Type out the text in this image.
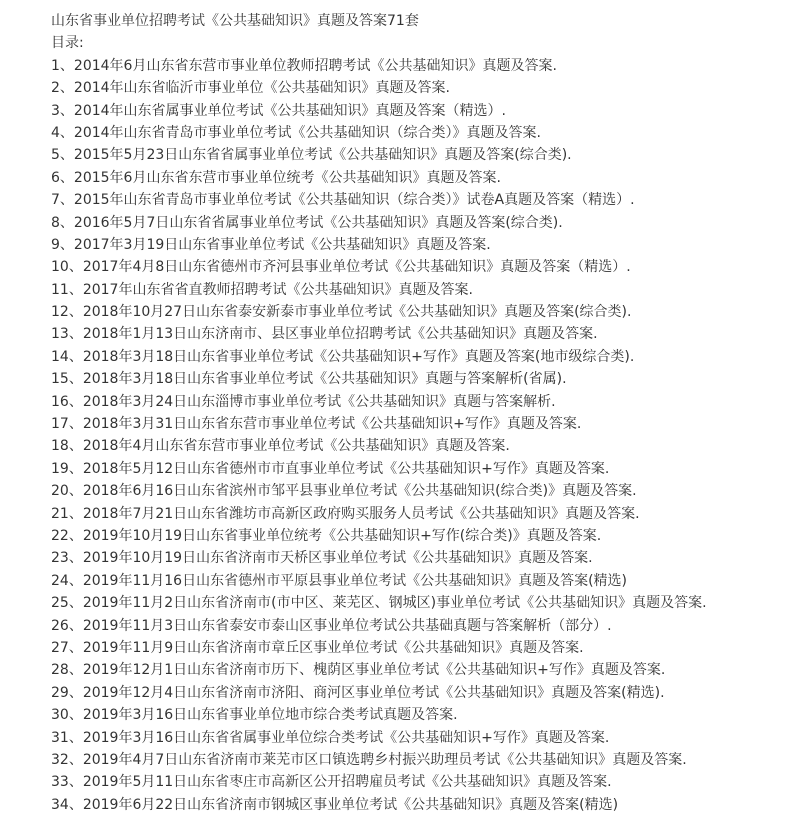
山东省事业单位招聘考试《公共基础知识》真题及答案71套
目录:
1、2014年6月山东省东营市事业单位教师招聘考试《公共基础知识》真题及答案.
2、2014年山东省临沂市事业单位《公共基础知识》真题及答案.
3、2014年山东省属事业单位考试《公共基础知识》真题及答案（精选）.
4、2014年山东省青岛市事业单位考试《公共基础知识（综合类）》真题及答案.
5、2015年5月23日山东省省属事业单位考试《公共基础知识》真题及答案(综合类).
6、2015年6月山东省东营市事业单位统考《公共基础知识》真题及答案.
7、2015年山东省青岛市事业单位考试《公共基础知识（综合类）》试卷A真题及答案（精选）.
8、2016年5月7日山东省省属事业单位考试《公共基础知识》真题及答案(综合类).
9、2017年3月19日山东省事业单位考试《公共基础知识》真题及答案.
10、2017年4月8日山东省德州市齐河县事业单位考试《公共基础知识》真题及答案（精选）.
11、2017年山东省省直教师招聘考试《公共基础知识》真题及答案.
12、2018年10月27日山东省泰安新泰市事业单位考试《公共基础知识》真题及答案(综合类).
13、2018年1月13日山东济南市、县区事业单位招聘考试《公共基础知识》真题及答案.
14、2018年3月18日山东省事业单位考试《公共基础知识+写作》真题及答案(地市级综合类).
15、2018年3月18日山东省事业单位考试《公共基础知识》真题与答案解析(省属).
16、2018年3月24日山东淄博市事业单位考试《公共基础知识》真题与答案解析.
17、2018年3月31日山东省东营市事业单位考试《公共基础知识+写作》真题及答案.
18、2018年4月山东省东营市事业单位考试《公共基础知识》真题及答案.
19、2018年5月12日山东省德州市市直事业单位考试《公共基础知识+写作》真题及答案.
20、2018年6月16日山东省滨州市邹平县事业单位考试《公共基础知识(综合类)》真题及答案.
21、2018年7月21日山东省潍坊市高新区政府购买服务人员考试《公共基础知识》真题及答案.
22、2019年10月19日山东省事业单位统考《公共基础知识+写作(综合类)》真题及答案.
23、2019年10月19日山东省济南市天桥区事业单位考试《公共基础知识》真题及答案.
24、2019年11月16日山东省德州市平原县事业单位考试《公共基础知识》真题及答案(精选)
25、2019年11月2日山东省济南市(市中区、莱芜区、钢城区)事业单位考试《公共基础知识》真题及答案.
26、2019年11月3日山东省泰安市泰山区事业单位考试公共基础真题与答案解析（部分）.
27、2019年11月9日山东省济南市章丘区事业单位考试《公共基础知识》真题及答案.
28、2019年12月1日山东省济南市历下、槐荫区事业单位考试《公共基础知识+写作》真题及答案.
29、2019年12月4日山东省济南市济阳、商河区事业单位考试《公共基础知识》真题及答案(精选).
30、2019年3月16日山东省事业单位地市综合类考试真题及答案.
31、2019年3月16日山东省省属事业单位综合类考试《公共基础知识+写作》真题及答案.
32、2019年4月7日山东省济南市莱芜市区口镇选聘乡村振兴助理员考试《公共基础知识》真题及答案.
33、2019年5月11日山东省枣庄市高新区公开招聘雇员考试《公共基础知识》真题及答案.
34、2019年6月22日山东省济南市钢城区事业单位考试《公共基础知识》真题及答案(精选)
